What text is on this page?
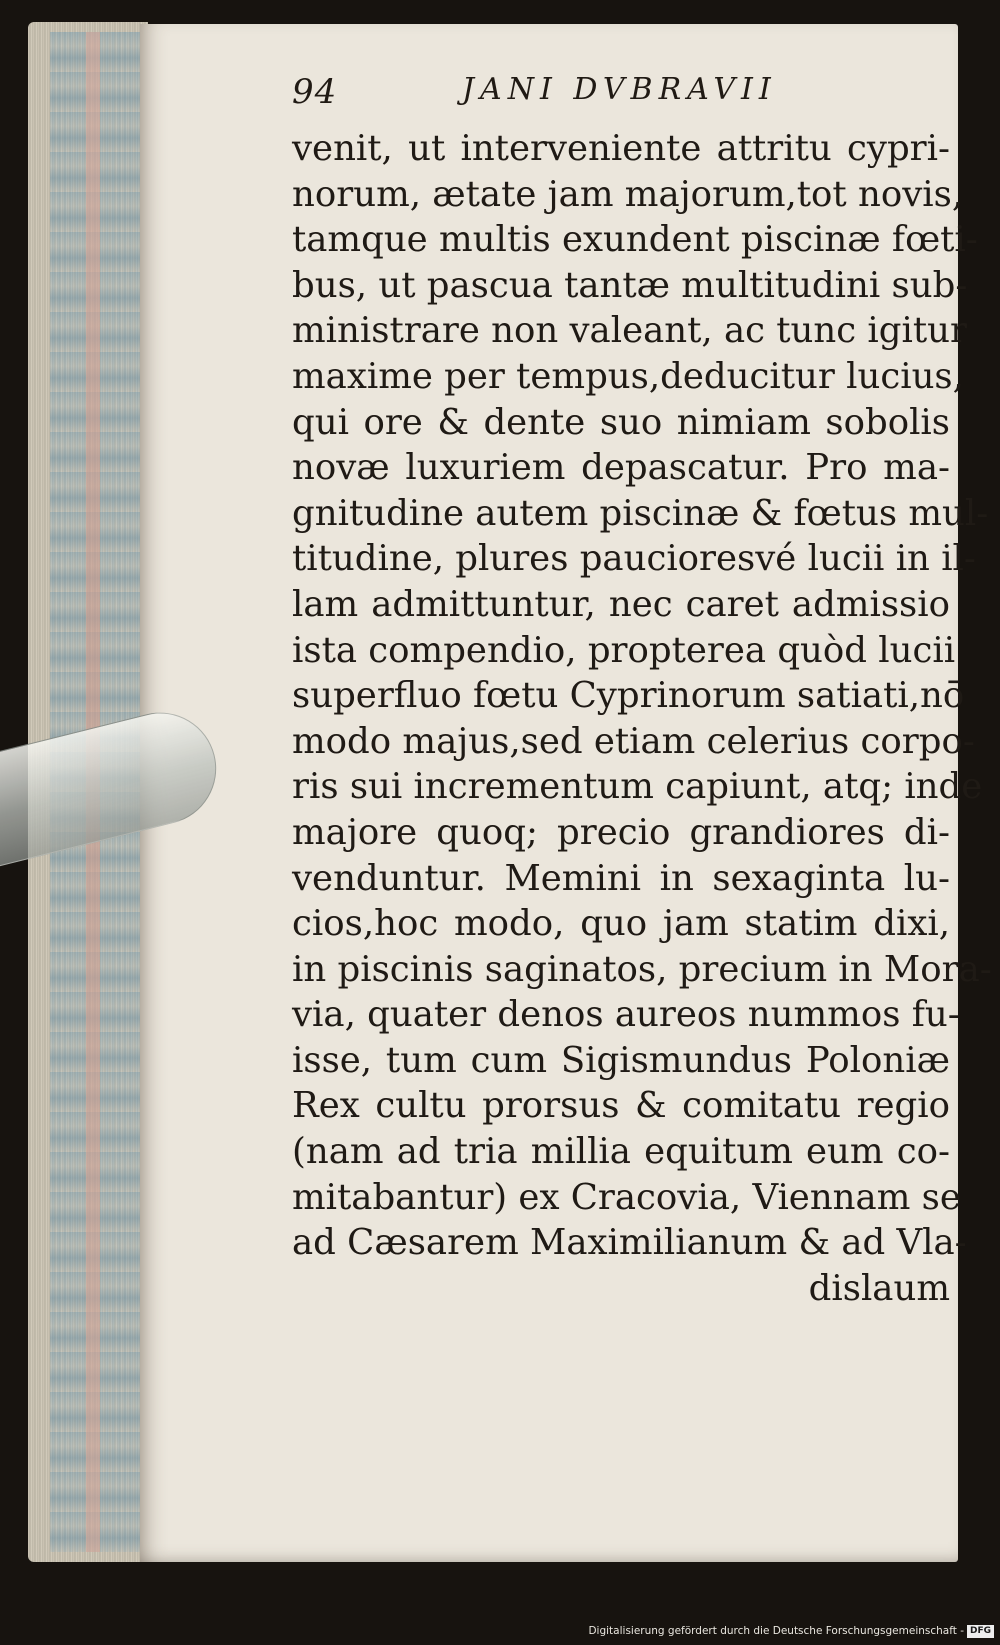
94	JANI DVBRAVII
venit, ut interveniente attritu cypri-
norum, ætate jam majorum,tot novis,
tamque multis exundent piscinæ fœti-
bus, ut pascua tantæ multitudini sub-
ministrare non valeant, ac tunc igitur
maxime per tempus,deducitur lucius,
qui ore & dente suo nimiam sobolis
novæ luxuriem depascatur. Pro ma-
gnitudine autem piscinæ & fœtus mul-
titudine, plures paucioresvé lucii in il-
lam admittuntur, nec caret admissio
ista compendio, propterea quòd lucii
superfluo fœtu Cyprinorum satiati,nō
modo majus,sed etiam celerius corpo-
ris sui incrementum capiunt, atq; inde
majore quoq; precio grandiores di-
venduntur. Memini in sexaginta lu-
cios,hoc modo, quo jam statim dixi,
in piscinis saginatos, precium in Mora-
via, quater denos aureos nummos fu-
isse, tum cum Sigismundus Poloniæ
Rex cultu prorsus & comitatu regio
(nam ad tria millia equitum eum co-
mitabantur) ex Cracovia, Viennam se
ad Cæsarem Maximilianum & ad Vla-
dislaum
Digitalisierung gefördert durch die Deutsche Forschungsgemeinschaft - DFG
